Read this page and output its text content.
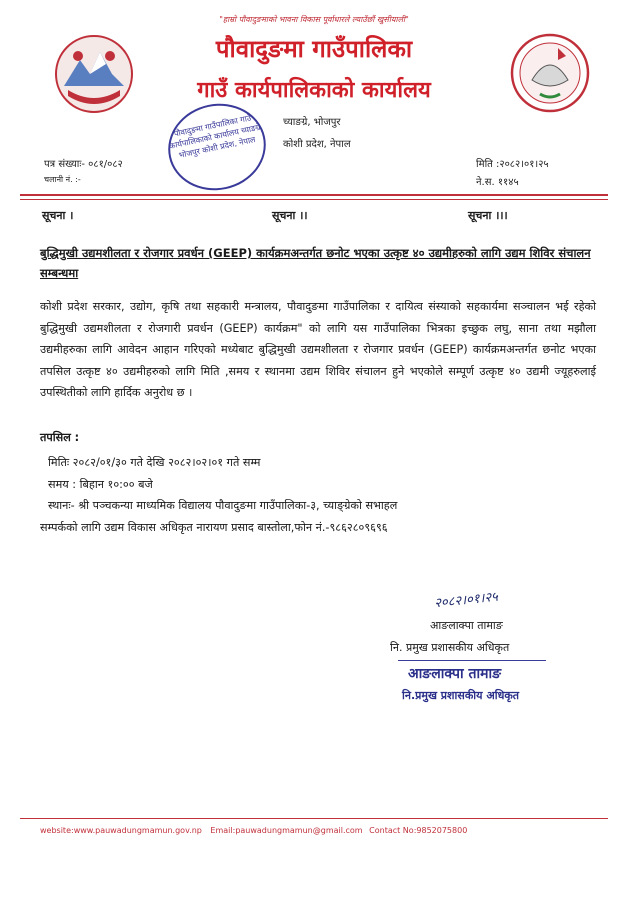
"हाम्रो पौवादुङमाको भावना विकास पूर्वाधारले ल्याउँछौं खुसीयाली"
पौवादुङमा गाउँपालिका
गाउँ कार्यपालिकाको कार्यालय
च्याङग्रे, भोजपुर
कोशी प्रदेश, नेपाल
पौवादुङमा गाउँपालिका गाउँ कार्यपालिकाको कार्यालय च्याङग्रे भोजपुर कोशी प्रदेश, नेपाल
पत्र संख्याः- ०८१/०८२
चलानी नं. :-
मिति :२०८२।०१।२५
ने.स. ११४५
सूचना ।	सूचना ।।	सूचना ।।।
बुद्धिमुखी उद्यमशीलता र रोजगार प्रवर्धन (GEEP) कार्यक्रमअन्तर्गत छनोट भएका उत्कृष्ट ४० उद्यमीहरुको लागि उद्यम शिविर संचालन सम्बन्धमा
कोशी प्रदेश सरकार, उद्योग, कृषि तथा सहकारी मन्त्रालय, पौवादुङमा गाउँपालिका र दायित्व संस्याको सहकार्यमा सञ्चालन भई रहेको बुद्धिमुखी उद्यमशीलता र रोजगारी प्रवर्धन (GEEP) कार्यक्रम" को लागि यस गाउँपालिका भित्रका इच्छुक लघु, साना तथा मझौला उद्यमीहरुका लागि आवेदन आहान गरिएको मध्येबाट बुद्धिमुखी उद्यमशीलता र रोजगार प्रवर्धन (GEEP) कार्यक्रमअन्तर्गत छनोट भएका तपसिल उत्कृष्ट ४० उद्यमीहरुको लागि मिति ,समय र स्थानमा उद्यम शिविर संचालन हुने भएकोले सम्पूर्ण उत्कृष्ट ४० उद्यमी ज्यूहरुलाई उपस्थितीको लागि हार्दिक अनुरोध छ ।
तपसिल :
मितिः २०८२/०१/३० गते देखि २०८२।०२।०१ गते सम्म
समय : बिहान १०:०० बजे
स्थानः- श्री पञ्चकन्या माध्यमिक विद्यालय पौवादुङमा गाउँपालिका-३, च्याङ्ग्रेको सभाहल
सम्पर्कको लागि उद्यम विकास अधिकृत नारायण प्रसाद बास्तोला,फोन नं.-९८६२८०९६९६
२०८२।०१।२५
आङलाक्पा तामाङ
नि. प्रमुख प्रशासकीय अधिकृत
आङलाक्पा तामाङ
नि.प्रमुख प्रशासकीय अधिकृत
website:www.pauwadungmamun.gov.np Email:pauwadungmamun@gmail.com Contact No:9852075800
